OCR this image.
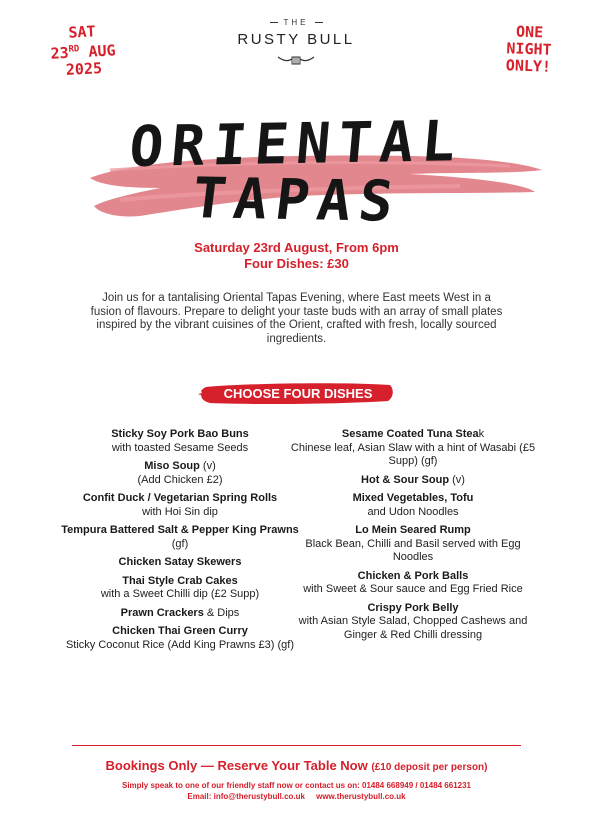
SAT
23RD AUG
2025
ONE
NIGHT
ONLY!
THE
RUSTY BULL
ORIENTAL
TAPAS
Saturday 23rd August, From 6pm
Four Dishes: £30
Join us for a tantalising Oriental Tapas Evening, where East meets West in a fusion of flavours. Prepare to delight your taste buds with an array of small plates inspired by the vibrant cuisines of the Orient, crafted with fresh, locally sourced ingredients.
CHOOSE FOUR DISHES
Sticky Soy Pork Bao Buns
with toasted Sesame Seeds
Miso Soup (v)
(Add Chicken £2)
Confit Duck / Vegetarian Spring Rolls
with Hoi Sin dip
Tempura Battered Salt & Pepper King Prawns (gf)
Chicken Satay Skewers
Thai Style Crab Cakes
with a Sweet Chilli dip (£2 Supp)
Prawn Crackers & Dips
Chicken Thai Green Curry
Sticky Coconut Rice (Add King Prawns £3) (gf)
Sesame Coated Tuna Steak
Chinese leaf, Asian Slaw with a hint of Wasabi (£5 Supp) (gf)
Hot & Sour Soup (v)
Mixed Vegetables, Tofu
and Udon Noodles
Lo Mein Seared Rump
Black Bean, Chilli and Basil served with Egg Noodles
Chicken & Pork Balls
with Sweet & Sour sauce and Egg Fried Rice
Crispy Pork Belly
with Asian Style Salad, Chopped Cashews and Ginger & Red Chilli dressing
Bookings Only — Reserve Your Table Now (£10 deposit per person)
Simply speak to one of our friendly staff now or contact us on: 01484 668949 / 01484 661231
Email: info@therustybull.co.uk www.therustybull.co.uk
